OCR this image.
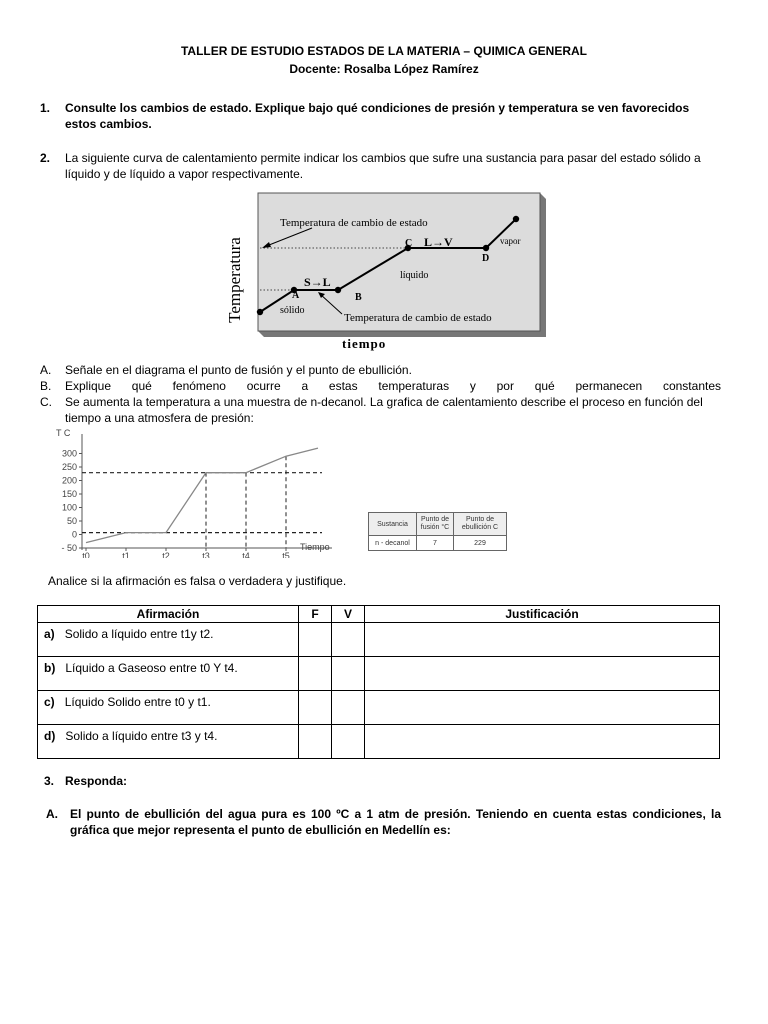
TALLER DE ESTUDIO ESTADOS DE LA MATERIA – QUIMICA GENERAL
Docente: Rosalba López Ramírez
1. Consulte los cambios de estado. Explique bajo qué condiciones de presión y temperatura se ven favorecidos estos cambios.
2. La siguiente curva de calentamiento permite indicar los cambios que sufre una sustancia para pasar del estado sólido a líquido y de líquido a vapor respectivamente.
Temperatura
Temperatura de cambio de estado
Temperatura de cambio de estado
S→L
L→V
A	B
C
D
sólido
líquido
vapor
tiempo
A. Señale en el diagrama el punto de fusión y el punto de ebullición.
B. Explique qué fenómeno ocurre a estas temperaturas y por qué permanecen constantes
C. Se aumenta la temperatura a una muestra de n-decanol. La grafica de calentamiento describe el proceso en función del tiempo a una atmosfera de presión:
300
250
200
150
100
50
0
- 50
T C
t0	t1	t2	t3	t4	t5
Tiempo
Sustancia	Punto de fusión °C	Punto de ebullición C
n - decanol	7	229
Analice si la afirmación es falsa o verdadera y justifique.
Afirmación	F	V	Justificación
a) Solido a líquido entre t1y t2.			
b) Líquido a Gaseoso entre t0 Y t4.			
c) Líquido Solido entre t0 y t1.			
d) Solido a líquido entre t3 y t4.			
3. Responda:
A. El punto de ebullición del agua pura es 100 ºC a 1 atm de presión. Teniendo en cuenta estas condiciones, la gráfica que mejor representa el punto de ebullición en Medellín es:
